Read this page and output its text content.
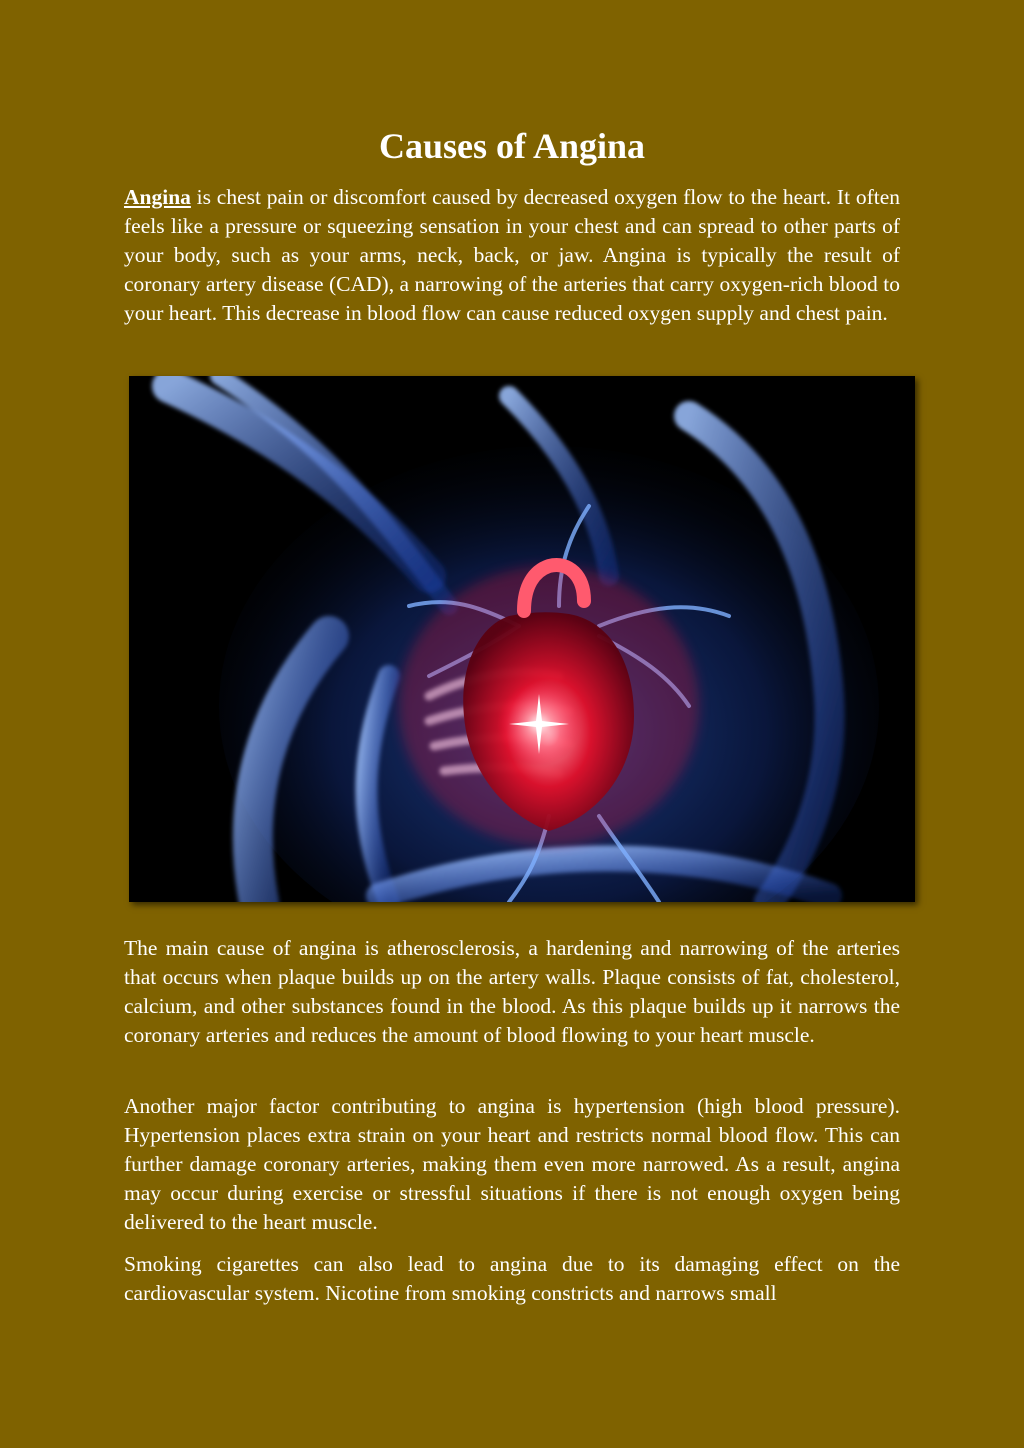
Causes of Angina

Angina is chest pain or discomfort caused by decreased oxygen flow to the heart. It often feels like a pressure or squeezing sensation in your chest and can spread to other parts of your body, such as your arms, neck, back, or jaw. Angina is typically the result of coronary artery disease (CAD), a narrowing of the arteries that carry oxygen-rich blood to your heart. This decrease in blood flow can cause reduced oxygen supply and chest pain.

The main cause of angina is atherosclerosis, a hardening and narrowing of the arteries that occurs when plaque builds up on the artery walls. Plaque consists of fat, cholesterol, calcium, and other substances found in the blood. As this plaque builds up it narrows the coronary arteries and reduces the amount of blood flowing to your heart muscle.

Another major factor contributing to angina is hypertension (high blood pressure). Hypertension places extra strain on your heart and restricts normal blood flow. This can further damage coronary arteries, making them even more narrowed. As a result, angina may occur during exercise or stressful situations if there is not enough oxygen being delivered to the heart muscle.

Smoking cigarettes can also lead to angina due to its damaging effect on the cardiovascular system. Nicotine from smoking constricts and narrows small
